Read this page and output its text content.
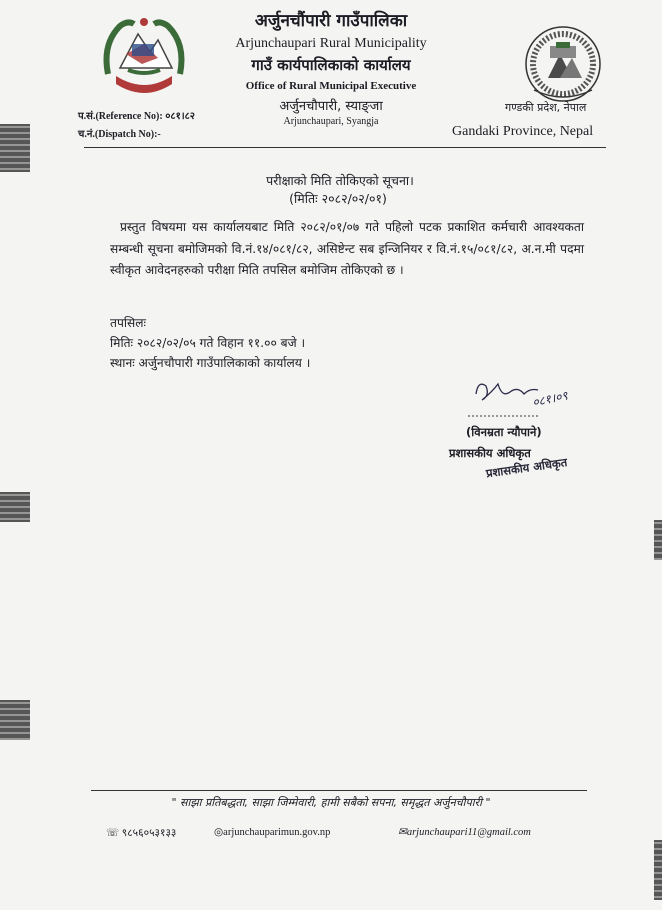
अर्जुनचौंपारी गाउँपालिका
Arjunchaupari Rural Municipality
गाउँ कार्यपालिकाको कार्यालय
Office of Rural Municipal Executive
अर्जुनचौपारी, स्याङ्जा
Arjunchaupari, Syangja
प.सं.(Reference No): ०८१।८२
च.नं.(Dispatch No):-
गण्डकी प्रदेश, नेपाल
Gandaki Province, Nepal
परीक्षाको मिति तोकिएको सूचना।
(मितिः २०८२/०२/०१)
प्रस्तुत विषयमा यस कार्यालयबाट मिति २०८२/०१/०७ गते पहिलो पटक प्रकाशित कर्मचारी आवश्यकता सम्बन्धी सूचना बमोजिमको वि.नं.१४/०८१/८२, असिष्टेन्ट सब इन्जिनियर र वि.नं.१५/०८१/८२, अ.न.मी पदमा स्वीकृत आवेदनहरुको परीक्षा मिति तपसिल बमोजिम तोकिएको छ ।
तपसिलः
मितिः २०८२/०२/०५ गते विहान ११.०० बजे ।
स्थानः अर्जुनचौपारी गाउँपालिकाको कार्यालय ।
०८१।०९
(विनम्रता न्यौपाने)
प्रशासकीय अधिकृत
प्रशासकीय अधिकृत
" साझा प्रतिबद्धता, साझा जिम्मेवारी, हामी सबैको सपना, समृद्धत अर्जुनचौपारी "
☏ ९८५६०५३१३३	◎arjunchauparimun.gov.np	✉arjunchaupari11@gmail.com
